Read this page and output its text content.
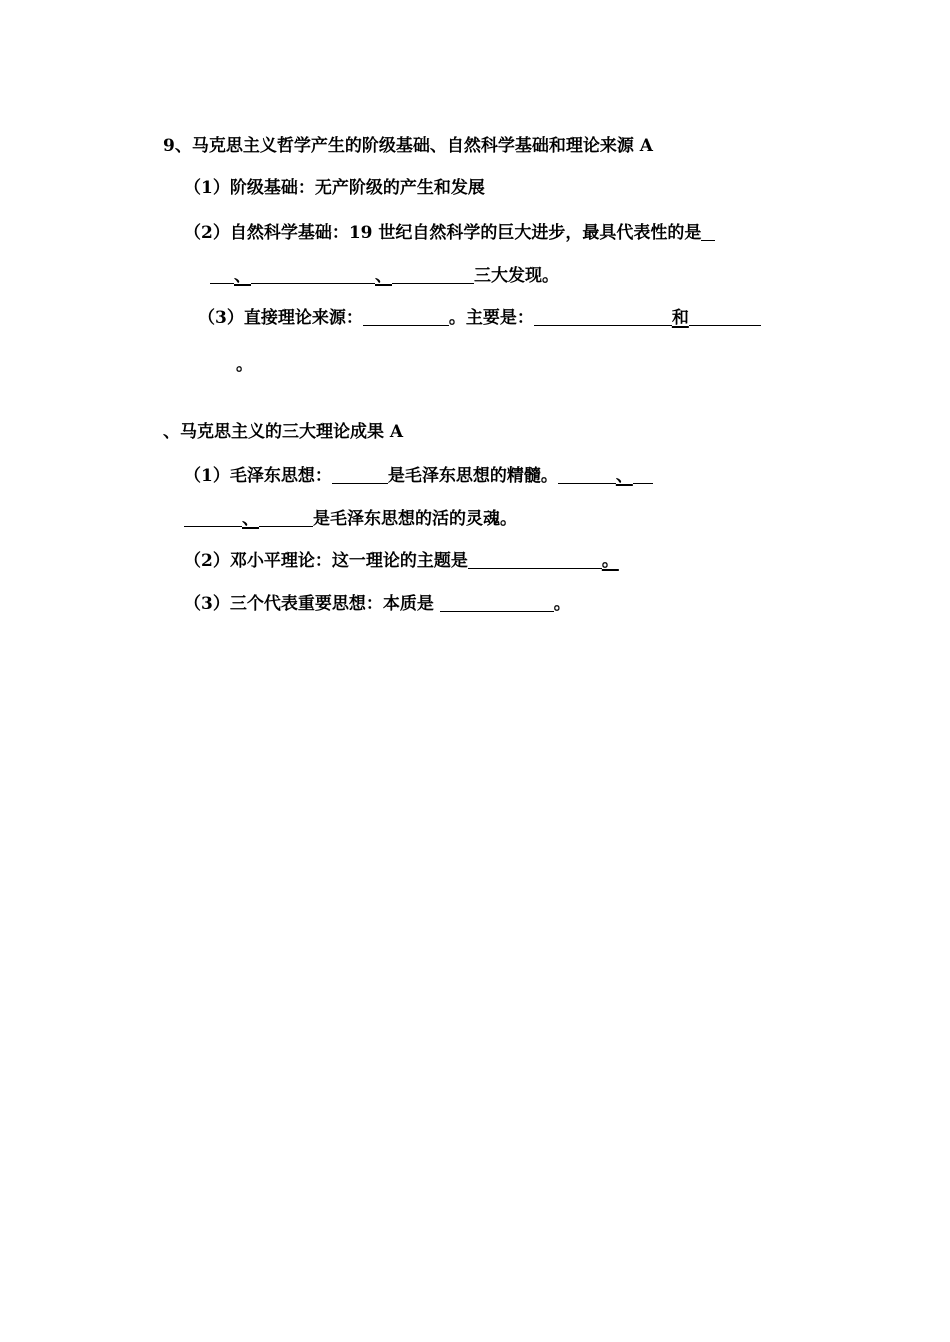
9、马克思主义哲学产生的阶级基础、自然科学基础和理论来源 A
（1）阶级基础：无产阶级的产生和发展
（2）自然科学基础：19 世纪自然科学的巨大进步，最具代表性的是
、	、	三大发现。
（3）直接理论来源：	。主要是：	和
。
、马克思主义的三大理论成果 A
（1）毛泽东思想：	是毛泽东思想的精髓。	、
、	是毛泽东思想的活的灵魂。
（2）邓小平理论：这一理论的主题是	。
（3）三个代表重要思想：本质是	。
